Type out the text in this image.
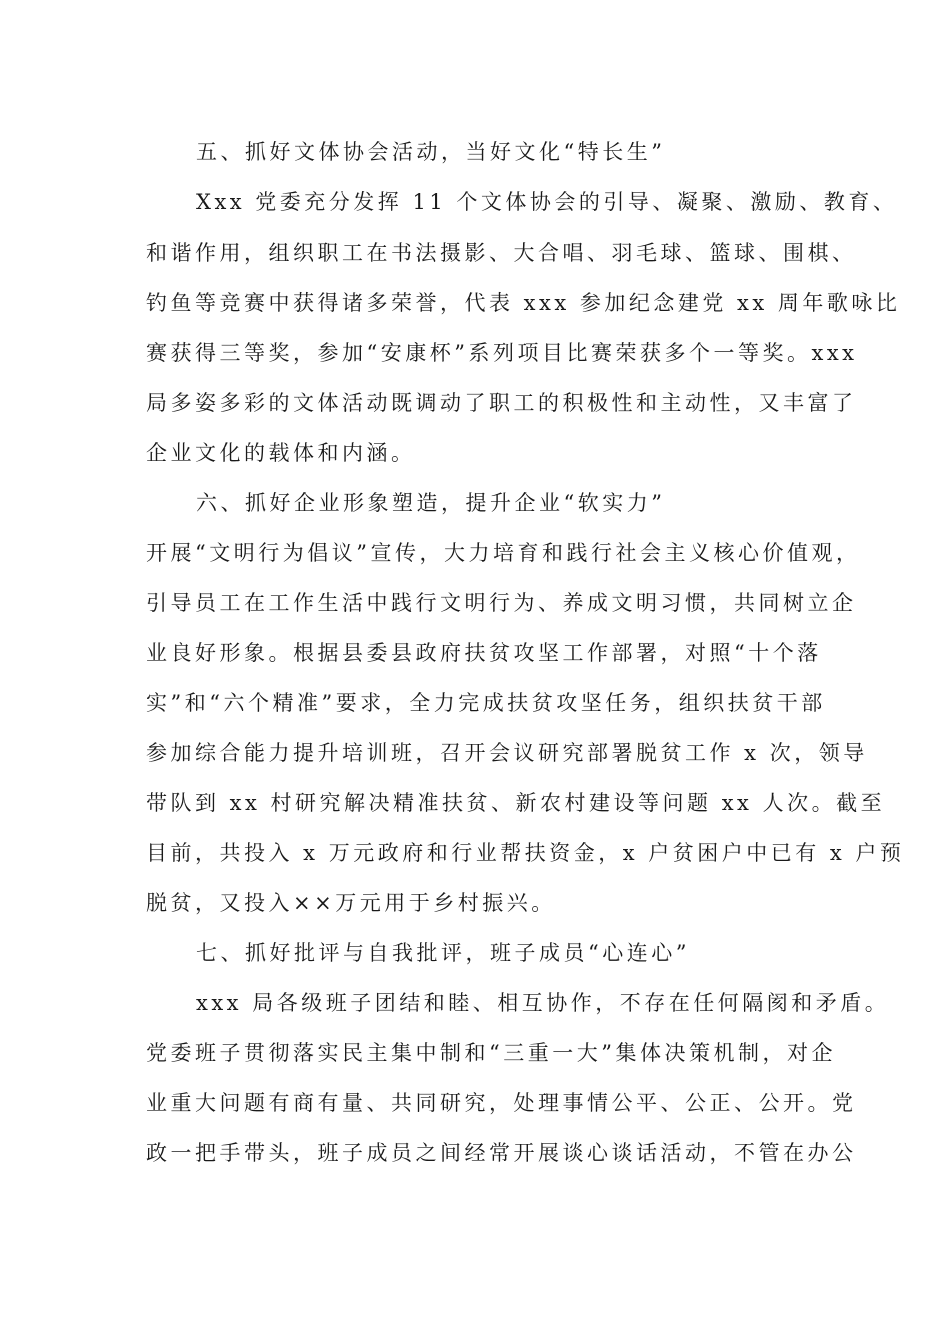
五、抓好文体协会活动，当好文化“特长生”
Xxx 党委充分发挥 11 个文体协会的引导、凝聚、激励、教育、
和谐作用，组织职工在书法摄影、大合唱、羽毛球、篮球、围棋、
钓鱼等竞赛中获得诸多荣誉，代表 xxx 参加纪念建党 xx 周年歌咏比
赛获得三等奖，参加“安康杯”系列项目比赛荣获多个一等奖。xxx
局多姿多彩的文体活动既调动了职工的积极性和主动性，又丰富了
企业文化的载体和内涵。
六、抓好企业形象塑造，提升企业“软实力”
开展“文明行为倡议”宣传，大力培育和践行社会主义核心价值观，
引导员工在工作生活中践行文明行为、养成文明习惯，共同树立企
业良好形象。根据县委县政府扶贫攻坚工作部署，对照“十个落
实”和“六个精准”要求，全力完成扶贫攻坚任务，组织扶贫干部
参加综合能力提升培训班，召开会议研究部署脱贫工作 x 次，领导
带队到 xx 村研究解决精准扶贫、新农村建设等问题 xx 人次。截至
目前，共投入 x 万元政府和行业帮扶资金，x 户贫困户中已有 x 户预
脱贫，又投入××万元用于乡村振兴。
七、抓好批评与自我批评，班子成员“心连心”
xxx 局各级班子团结和睦、相互协作，不存在任何隔阂和矛盾。
党委班子贯彻落实民主集中制和“三重一大”集体决策机制，对企
业重大问题有商有量、共同研究，处理事情公平、公正、公开。党
政一把手带头，班子成员之间经常开展谈心谈话活动，不管在办公
